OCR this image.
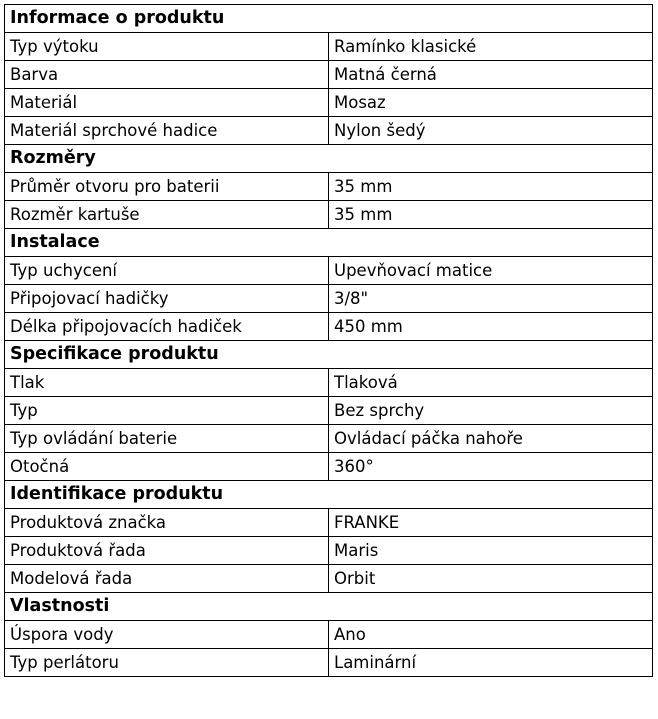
Informace o produktu	
Typ výtoku	Ramínko klasické
Barva	Matná černá
Materiál	Mosaz
Materiál sprchové hadice	Nylon šedý
Rozměry	
Průměr otvoru pro baterii	35 mm
Rozměr kartuše	35 mm
Instalace	
Typ uchycení	Upevňovací matice
Připojovací hadičky	3/8"
Délka připojovacích hadiček	450 mm
Specifikace produktu	
Tlak	Tlaková
Typ	Bez sprchy
Typ ovládání baterie	Ovládací páčka nahoře
Otočná	360°
Identifikace produktu	
Produktová značka	FRANKE
Produktová řada	Maris
Modelová řada	Orbit
Vlastnosti	
Úspora vody	Ano
Typ perlátoru	Laminární
